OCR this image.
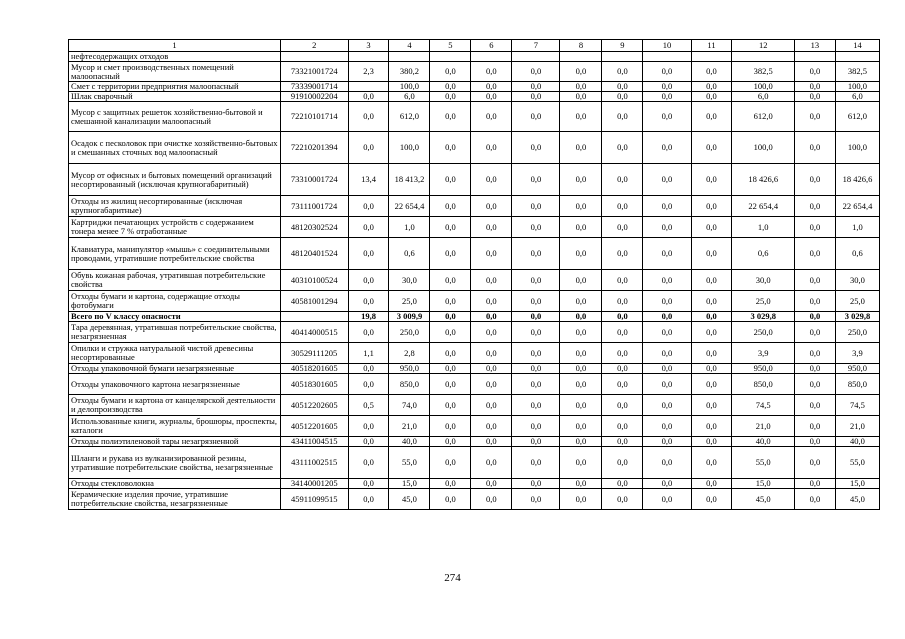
1	2	3	4	5	6	7	8	9	10	11	12	13	14
нефтесодержащих отходов													
Мусор и смет производственных помещений малоопасный	73321001724	2,3	380,2	0,0	0,0	0,0	0,0	0,0	0,0	0,0	382,5	0,0	382,5
Смет с территории предприятия малоопасный	73339001714		100,0	0,0	0,0	0,0	0,0	0,0	0,0	0,0	100,0	0,0	100,0
Шлак сварочный	91910002204	0,0	6,0	0,0	0,0	0,0	0,0	0,0	0,0	0,0	6,0	0,0	6,0
Мусор с защитных решеток хозяйственно-бытовой и смешанной канализации малоопасный	72210101714	0,0	612,0	0,0	0,0	0,0	0,0	0,0	0,0	0,0	612,0	0,0	612,0
Осадок с песколовок при очистке хозяйственно-бытовых и смешанных сточных вод малоопасный	72210201394	0,0	100,0	0,0	0,0	0,0	0,0	0,0	0,0	0,0	100,0	0,0	100,0
Мусор от офисных и бытовых помещений организаций несортированный (исключая крупногабаритный)	73310001724	13,4	18 413,2	0,0	0,0	0,0	0,0	0,0	0,0	0,0	18 426,6	0,0	18 426,6
Отходы из жилищ несортированные (исключая крупногабаритные)	73111001724	0,0	22 654,4	0,0	0,0	0,0	0,0	0,0	0,0	0,0	22 654,4	0,0	22 654,4
Картриджи печатающих устройств с содержанием тонера менее 7 % отработанные	48120302524	0,0	1,0	0,0	0,0	0,0	0,0	0,0	0,0	0,0	1,0	0,0	1,0
Клавиатура, манипулятор «мышь» с соединительными проводами, утратившие потребительские свойства	48120401524	0,0	0,6	0,0	0,0	0,0	0,0	0,0	0,0	0,0	0,6	0,0	0,6
Обувь кожаная рабочая, утратившая потребительские свойства	40310100524	0,0	30,0	0,0	0,0	0,0	0,0	0,0	0,0	0,0	30,0	0,0	30,0
Отходы бумаги и картона, содержащие отходы фотобумаги	40581001294	0,0	25,0	0,0	0,0	0,0	0,0	0,0	0,0	0,0	25,0	0,0	25,0
Всего по V классу опасности		19,8	3 009,9	0,0	0,0	0,0	0,0	0,0	0,0	0,0	3 029,8	0,0	3 029,8
Тара деревянная, утратившая потребительские свойства, незагрязненная	40414000515	0,0	250,0	0,0	0,0	0,0	0,0	0,0	0,0	0,0	250,0	0,0	250,0
Опилки и стружка натуральной чистой древесины несортированные	30529111205	1,1	2,8	0,0	0,0	0,0	0,0	0,0	0,0	0,0	3,9	0,0	3,9
Отходы упаковочной бумаги незагрязненные	40518201605	0,0	950,0	0,0	0,0	0,0	0,0	0,0	0,0	0,0	950,0	0,0	950,0
Отходы упаковочного картона незагрязненные	40518301605	0,0	850,0	0,0	0,0	0,0	0,0	0,0	0,0	0,0	850,0	0,0	850,0
Отходы бумаги и картона от канцелярской деятельности и делопроизводства	40512202605	0,5	74,0	0,0	0,0	0,0	0,0	0,0	0,0	0,0	74,5	0,0	74,5
Использованные книги, журналы, брошюры, проспекты, каталоги	40512201605	0,0	21,0	0,0	0,0	0,0	0,0	0,0	0,0	0,0	21,0	0,0	21,0
Отходы полиэтиленовой тары незагрязненной	43411004515	0,0	40,0	0,0	0,0	0,0	0,0	0,0	0,0	0,0	40,0	0,0	40,0
Шланги и рукава из вулканизированной резины, утратившие потребительские свойства, незагрязненные	43111002515	0,0	55,0	0,0	0,0	0,0	0,0	0,0	0,0	0,0	55,0	0,0	55,0
Отходы стекловолокна	34140001205	0,0	15,0	0,0	0,0	0,0	0,0	0,0	0,0	0,0	15,0	0,0	15,0
Керамические изделия прочие, утратившие потребительские свойства, незагрязненные	45911099515	0,0	45,0	0,0	0,0	0,0	0,0	0,0	0,0	0,0	45,0	0,0	45,0
274
